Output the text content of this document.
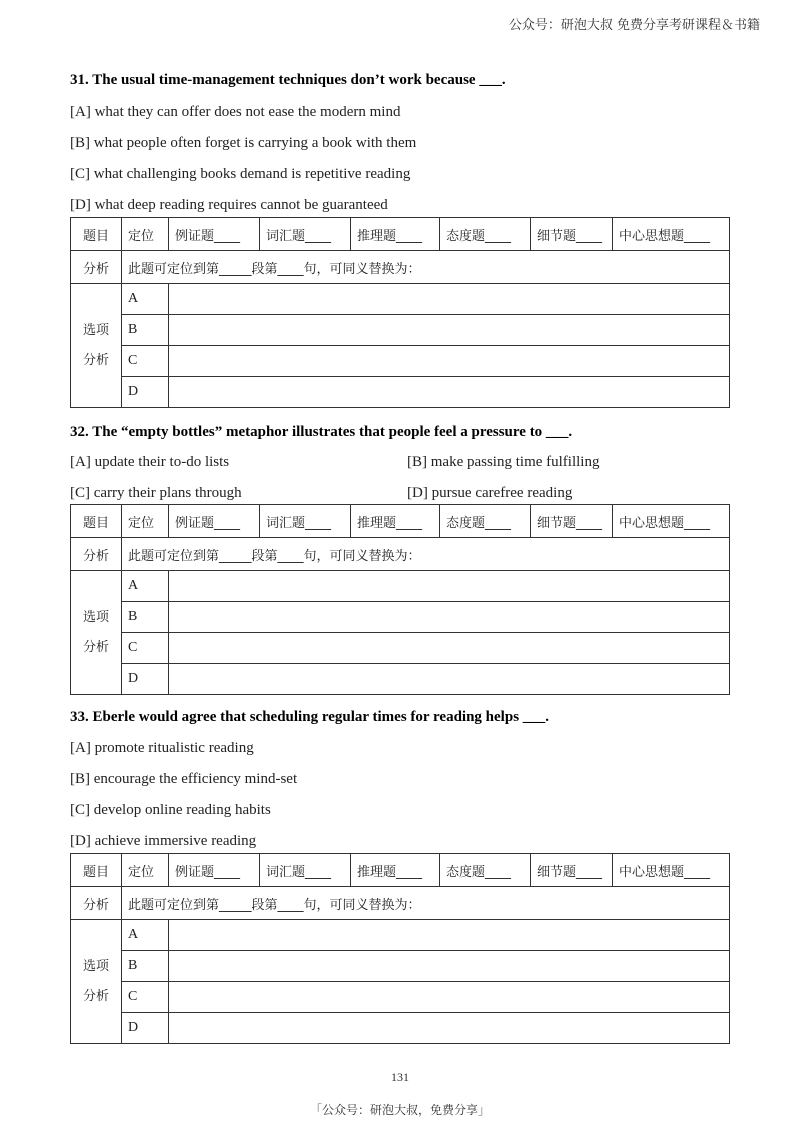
公众号：研泡大叔 免费分享考研课程＆书籍
31. The usual time-management techniques don’t work because ___.
[A] what they can offer does not ease the modern mind
[B] what people often forget is carrying a book with them
[C] what challenging books demand is repetitive reading
[D] what deep reading requires cannot be guaranteed
题目	定位	例证题____	词汇题____	推理题____	态度题____	细节题____	中心思想题____
分析	此题可定位到第_____段第____句，可同义替换为：						

选项
分析	A						
	B						
	C						
	D						
32. The “empty bottles” metaphor illustrates that people feel a pressure to ___.
[A] update their to-do lists	[B] make passing time fulfilling
[C] carry their plans through	[D] pursue carefree reading
题目	定位	例证题____	词汇题____	推理题____	态度题____	细节题____	中心思想题____
分析	此题可定位到第_____段第____句，可同义替换为：						

选项
分析	A						
	B						
	C						
	D						
33. Eberle would agree that scheduling regular times for reading helps ___.
[A] promote ritualistic reading
[B] encourage the efficiency mind-set
[C] develop online reading habits
[D] achieve immersive reading
题目	定位	例证题____	词汇题____	推理题____	态度题____	细节题____	中心思想题____
分析	此题可定位到第_____段第____句，可同义替换为：						

选项
分析	A						
	B						
	C						
	D						
131
「公众号：研泡大叔，免费分享」
